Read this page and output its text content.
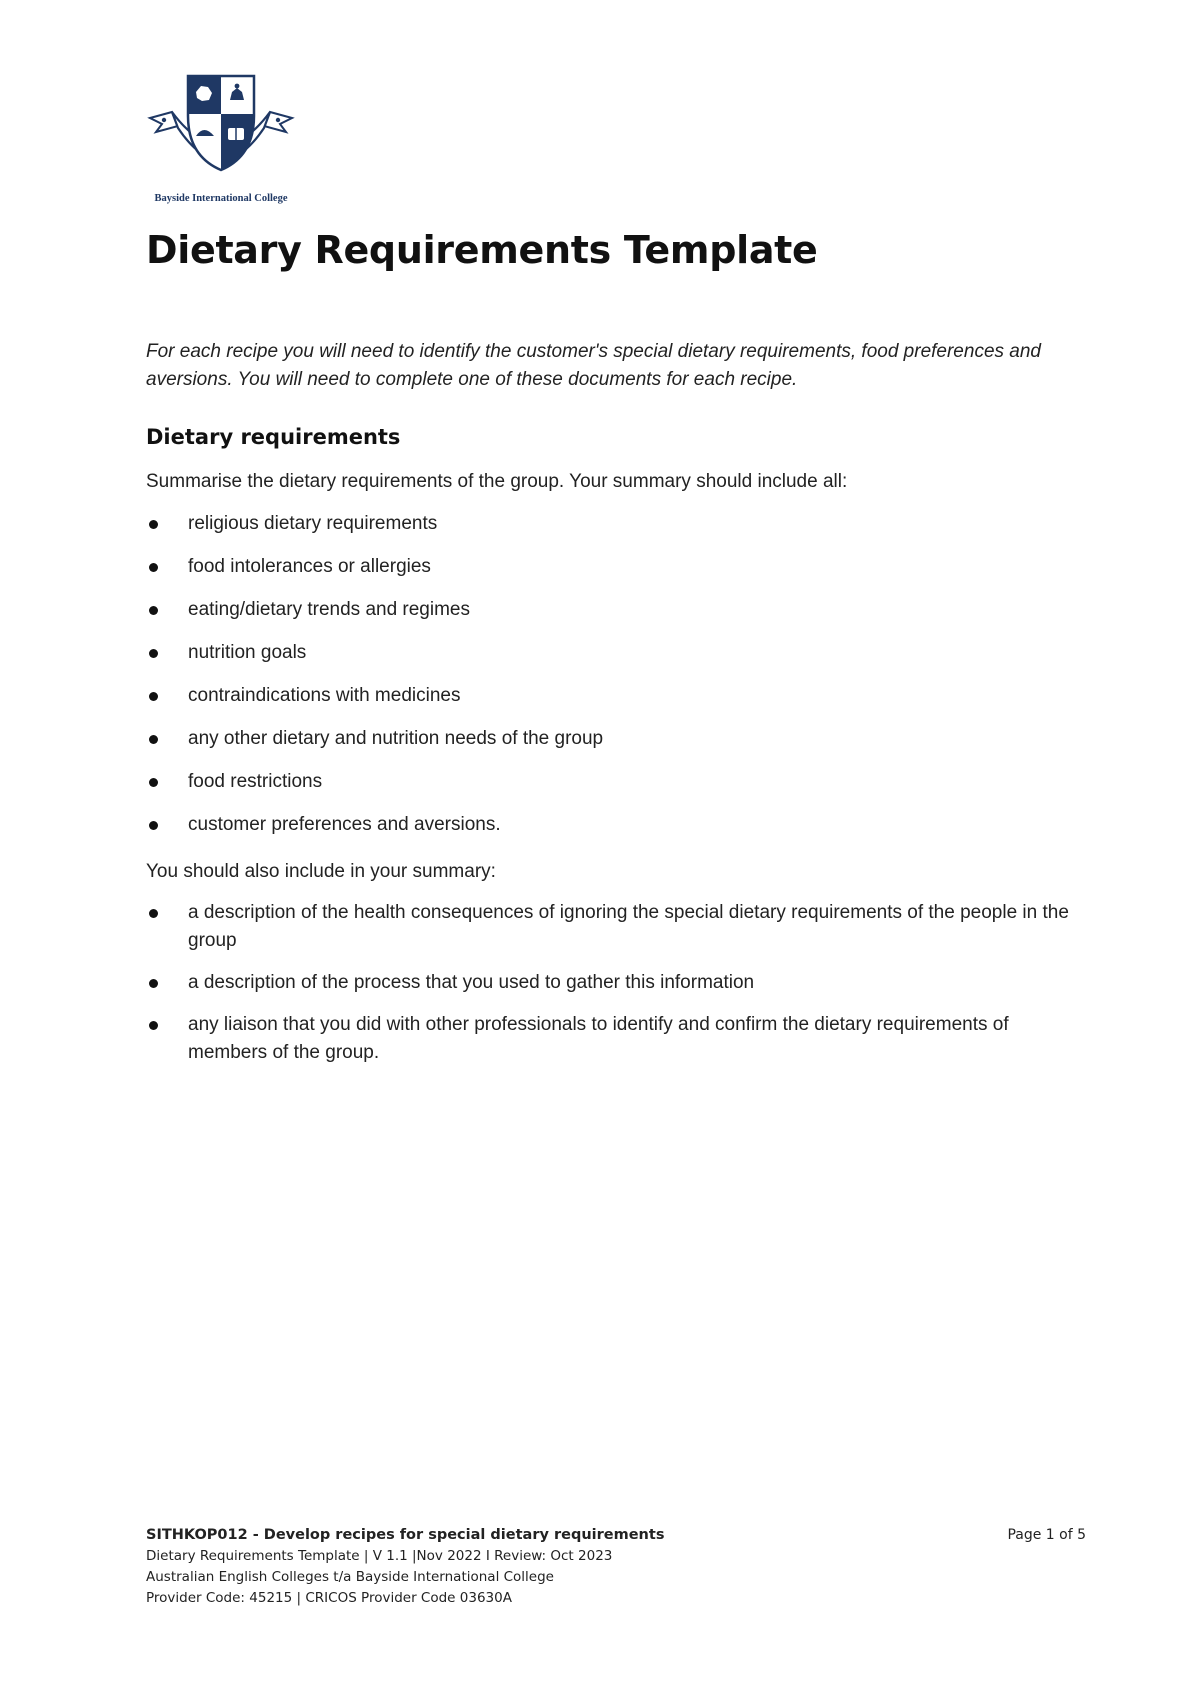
Bayside International College
Dietary Requirements Template

For each recipe you will need to identify the customer's special dietary requirements, food preferences and aversions. You will need to complete one of these documents for each recipe.

Dietary requirements

Summarise the dietary requirements of the group. Your summary should include all:

religious dietary requirements
food intolerances or allergies
eating/dietary trends and regimes
nutrition goals
contraindications with medicines
any other dietary and nutrition needs of the group
food restrictions
customer preferences and aversions.

You should also include in your summary:

a description of the health consequences of ignoring the special dietary requirements of the people in the group
a description of the process that you used to gather this information
any liaison that you did with other professionals to identify and confirm the dietary requirements of members of the group.
SITHKOP012 - Develop recipes for special dietary requirements
Dietary Requirements Template | V 1.1 |Nov 2022 I Review: Oct 2023
Australian English Colleges t/a Bayside International College
Provider Code: 45215 | CRICOS Provider Code 03630A
Page 1 of 5
